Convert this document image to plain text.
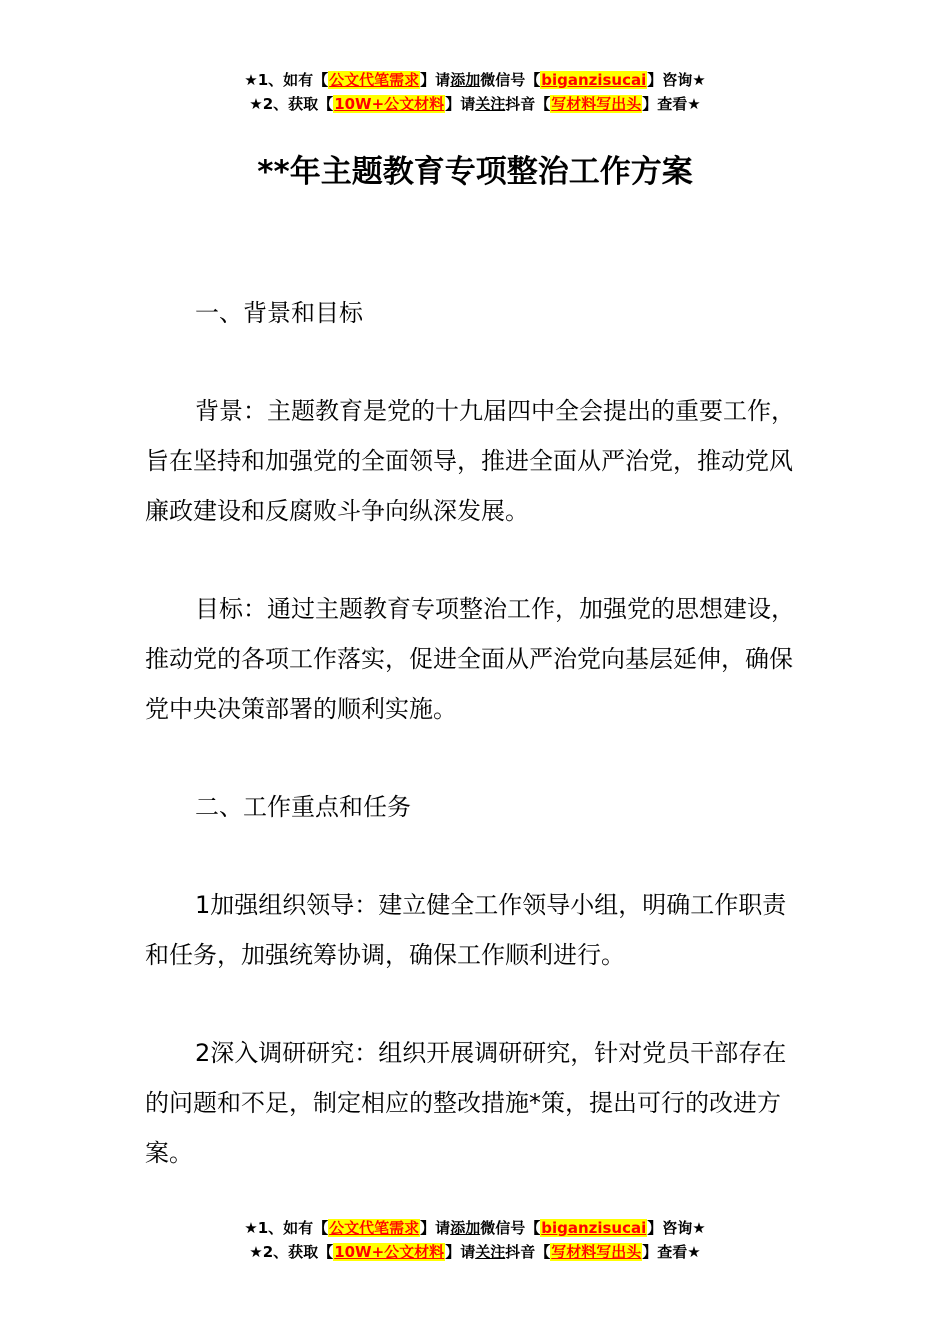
★1、如有【公文代笔需求】请添加微信号【biganzisucai】咨询★
★2、获取【10W+公文材料】请关注抖音【写材料写出头】查看★
**年主题教育专项整治工作方案

一、背景和目标

背景：主题教育是党的十九届四中全会提出的重要工作，旨在坚持和加强党的全面领导，推进全面从严治党，推动党风廉政建设和反腐败斗争向纵深发展。

目标：通过主题教育专项整治工作，加强党的思想建设，推动党的各项工作落实，促进全面从严治党向基层延伸，确保党中央决策部署的顺利实施。

二、工作重点和任务

1加强组织领导：建立健全工作领导小组，明确工作职责和任务，加强统筹协调，确保工作顺利进行。

2深入调研研究：组织开展调研研究，针对党员干部存在的问题和不足，制定相应的整改措施*策，提出可行的改进方案。

★1、如有【公文代笔需求】请添加微信号【biganzisucai】咨询★
★2、获取【10W+公文材料】请关注抖音【写材料写出头】查看★
